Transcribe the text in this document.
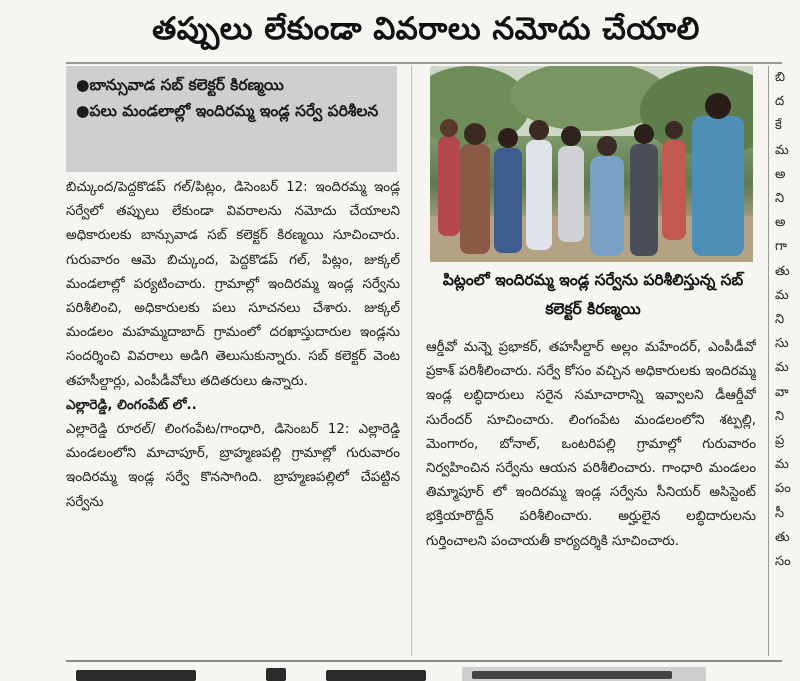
తప్పులు లేకుండా వివరాలు నమోదు చేయాలి
●బాన్సువాడ సబ్ కలెక్టర్ కిరణ్మయి
●పలు మండలాల్లో ఇందిరమ్మ ఇండ్ల సర్వే పరిశీలన
బిచ్కుంద/పెద్దకొడప్ గల్/పిట్లం, డిసెంబర్ 12: ఇందిరమ్మ ఇండ్ల సర్వేలో తప్పులు లేకుండా వివరాలను నమోదు చేయాలని అధికారులకు బాన్సువాడ సబ్ కలెక్టర్ కిరణ్మయి సూచించారు. గురువారం ఆమె బిచ్కుంద, పెద్దకొడప్ గల్, పిట్లం, జుక్కల్ మండలాల్లో పర్యటించారు. గ్రామాల్లో ఇందిరమ్మ ఇండ్ల సర్వేను పరిశీలించి, అధికారులకు పలు సూచనలు చేశారు. జుక్కల్ మండలం మహమ్మదాబాద్ గ్రామంలో దరఖాస్తుదారుల ఇండ్లను సందర్శించి వివరాలు అడిగి తెలుసుకున్నారు. సబ్ కలెక్టర్ వెంట తహసీల్దార్లు, ఎంపీడీవోలు తదితరులు ఉన్నారు.
ఎల్లారెడ్డి, లింగంపేట్ లో..
ఎల్లారెడ్డి రూరల్/ లింగంపేట/గాంధారి, డిసెంబర్ 12: ఎల్లారెడ్డి మండలంలోని మాచాపూర్, బ్రాహ్మణపల్లి గ్రామాల్లో గురువారం ఇందిరమ్మ ఇండ్ల సర్వే కొనసాగింది. బ్రాహ్మణపల్లిలో చేపట్టిన సర్వేను
పిట్లంలో ఇందిరమ్మ ఇండ్ల సర్వేను పరిశీలిస్తున్న సబ్ కలెక్టర్ కిరణ్మయి
ఆర్డీవో మన్నె ప్రభాకర్, తహసీల్దార్ అల్లం మహేందర్, ఎంపీడీవో ప్రకాశ్ పరిశీలించారు. సర్వే కోసం వచ్చిన అధికారులకు ఇందిరమ్మ ఇండ్ల లబ్ధిదారులు సరైన సమాచారాన్ని ఇవ్వాలని డీఆర్డీవో సురేందర్ సూచించారు. లింగంపేట మండలంలోని శట్పల్లి, మెంగారం, బోనాల్, ఒంటరిపల్లి గ్రామాల్లో గురువారం నిర్వహించిన సర్వేను ఆయన పరిశీలించారు. గాంధారి మండలం తిమ్మాపూర్ లో ఇందిరమ్మ ఇండ్ల సర్వేను సీనియర్ అసిస్టెంట్ భక్తియారొద్దీన్ పరిశీలించారు. అర్హులైన లబ్ధిదారులను గుర్తించాలని పంచాయతీ కార్యదర్శికి సూచించారు.
బి
ద
కే
మ
అ
ని
అ
గా
తు
మ
ని
సు
మ
వా
ని
ప్ర
మ
పం
సీ
తు
సం
